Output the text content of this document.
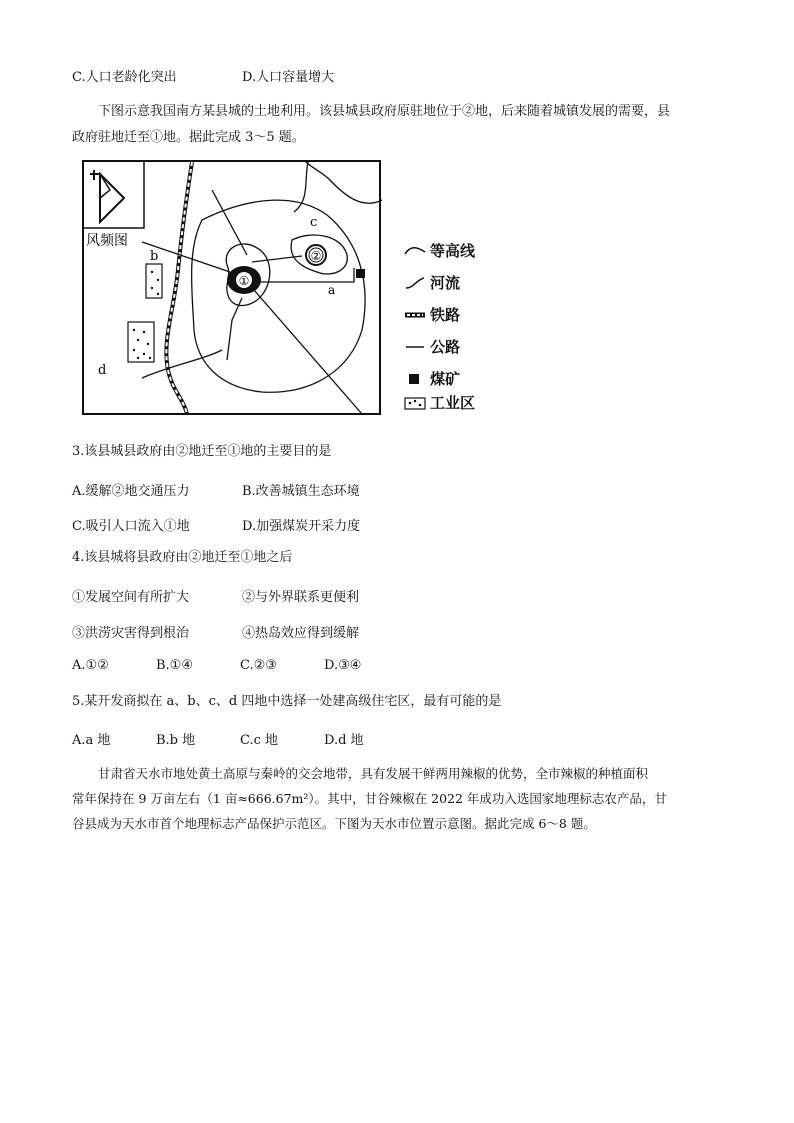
C.人口老龄化突出	D.人口容量增大
下图示意我国南方某县城的土地利用。该县城县政府原驻地位于②地，后来随着城镇发展的需要，县
政府驻地迁至①地。据此完成 3～5 题。
风频图
①
②
a
b
c
d
等高线
河流
铁路
公路
煤矿
工业区
3.该县城县政府由②地迁至①地的主要目的是
A.缓解②地交通压力	B.改善城镇生态环境
C.吸引人口流入①地	D.加强煤炭开采力度
4.该县城将县政府由②地迁至①地之后
①发展空间有所扩大	②与外界联系更便利
③洪涝灾害得到根治	④热岛效应得到缓解
A.①②	B.①④	C.②③	D.③④
5.某开发商拟在 a、b、c、d 四地中选择一处建高级住宅区，最有可能的是
A.a 地	B.b 地	C.c 地	D.d 地
甘肃省天水市地处黄土高原与秦岭的交会地带，具有发展干鲜两用辣椒的优势，全市辣椒的种植面积
常年保持在 9 万亩左右（1 亩≈666.67m²）。其中，甘谷辣椒在 2022 年成功入选国家地理标志农产品，甘
谷县成为天水市首个地理标志产品保护示范区。下图为天水市位置示意图。据此完成 6～8 题。
